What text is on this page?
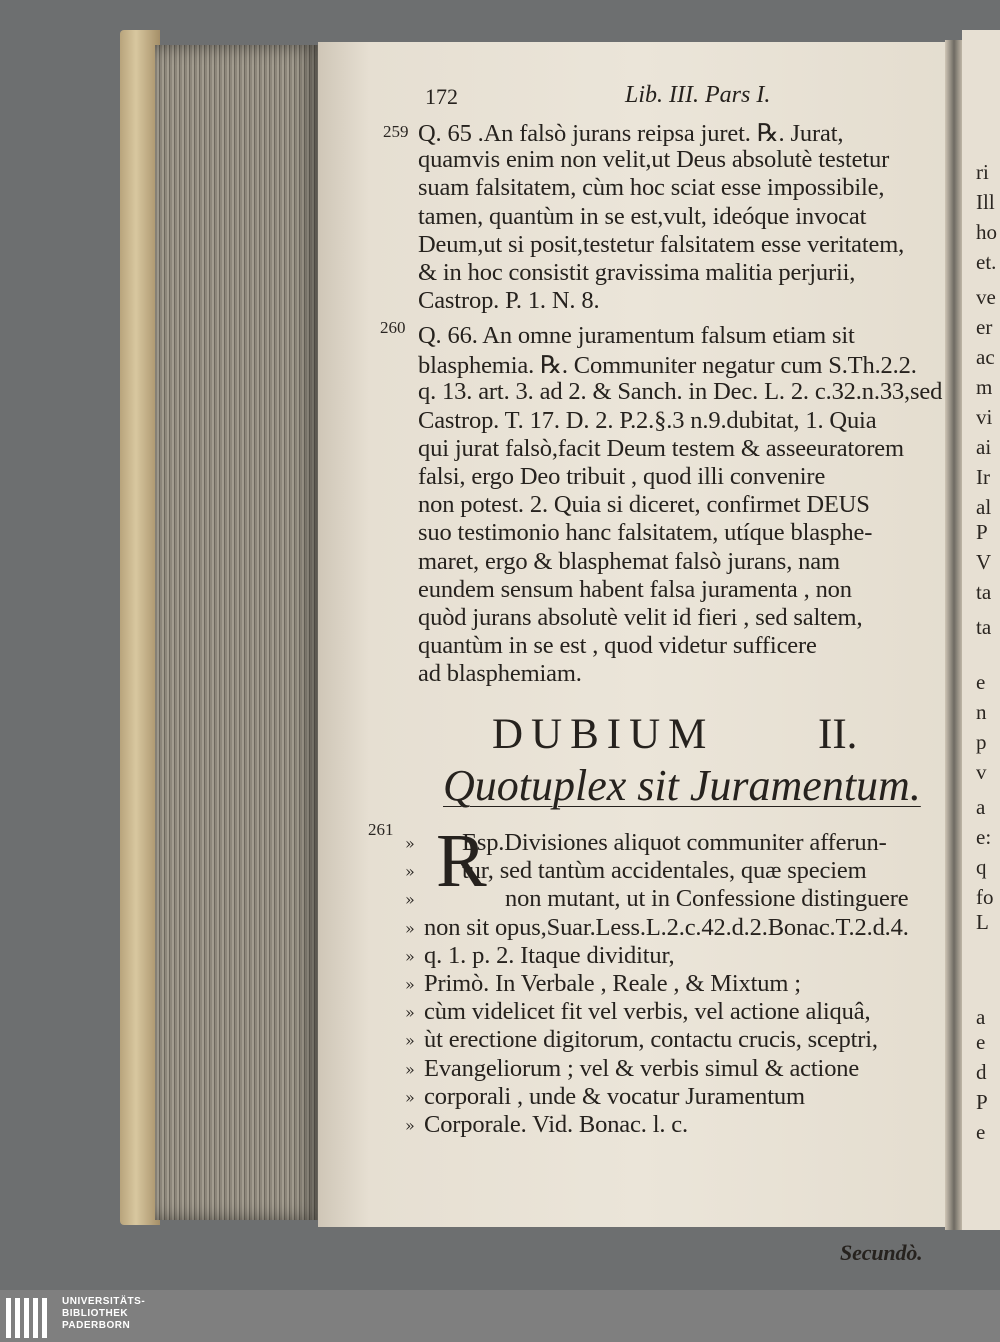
ri
Ill
ho
et.
ve
er
ac
m
vi
ai
Ir
al
P
V
ta
ta
e
n
p
v
a
e:
q
fo
L
a
e
d
P
e
172	Lib. III. Pars I.
259
260
261
Q. 65 .An falsò jurans reipsa juret. ℞. Jurat,
quamvis enim non velit,ut Deus absolutè testetur
suam falsitatem, cùm hoc sciat esse impossibile,
tamen, quantùm in se est,vult, ideóque invocat
Deum,ut si posit,testetur falsitatem esse veritatem,
& in hoc consistit gravissima malitia perjurii,
Castrop. P. 1. N. 8.
Q. 66. An omne juramentum falsum etiam sit
blasphemia. ℞. Communiter negatur cum S.Th.2.2.
q. 13. art. 3. ad 2. & Sanch. in Dec. L. 2. c.32.n.33,sed
Castrop. T. 17. D. 2. P.2.§.3 n.9.dubitat, 1. Quia
qui jurat falsò,facit Deum testem & asseeuratorem
falsi, ergo Deo tribuit , quod illi convenire
non potest. 2. Quia si diceret, confirmet DEUS
suo testimonio hanc falsitatem, utíque blasphe-
maret, ergo & blasphemat falsò jurans, nam
eundem sensum habent falsa juramenta , non
quòd jurans absolutè velit id fieri , sed saltem,
quantùm in se est , quod videtur sufficere
ad blasphemiam.
DUBIUM II.
Quotuplex sit Juramentum.
R
Esp.Divisiones aliquot communiter afferun-
tur, sed tantùm accidentales, quæ speciem
non mutant, ut in Confessione distinguere
non sit opus,Suar.Less.L.2.c.42.d.2.Bonac.T.2.d.4.
q. 1. p. 2. Itaque dividitur,
Primò. In Verbale , Reale , & Mixtum ;
cùm videlicet fit vel verbis, vel actione aliquâ,
ùt erectione digitorum, contactu crucis, sceptri,
Evangeliorum ; vel & verbis simul & actione
corporali , unde & vocatur Juramentum
Corporale. Vid. Bonac. l. c.
»
»
»
»
»
»
»
»
»
»
»
Secundò.
UNIVERSITÄTS-
BIBLIOTHEK
PADERBORN
